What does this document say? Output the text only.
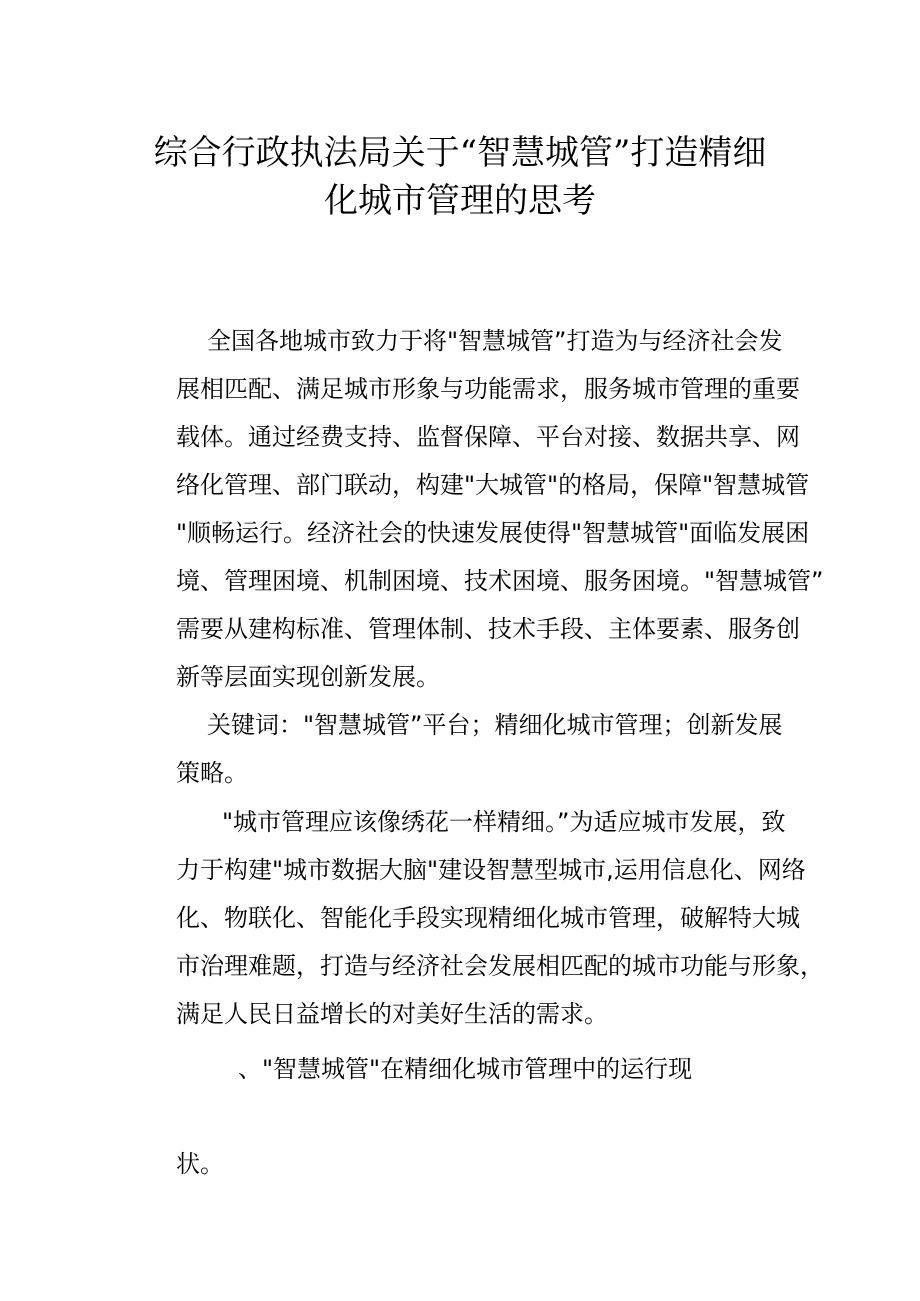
综合行政执法局关于“智慧城管”打造精细
化城市管理的思考

全国各地城市致力于将"智慧城管”打造为与经济社会发

展相匹配、满足城市形象与功能需求，服务城市管理的重要

载体。通过经费支持、监督保障、平台对接、数据共享、网

络化管理、部门联动，构建"大城管"的格局，保障"智慧城管

"顺畅运行。经济社会的快速发展使得"智慧城管"面临发展困

境、管理困境、机制困境、技术困境、服务困境。"智慧城管”

需要从建构标准、管理体制、技术手段、主体要素、服务创

新等层面实现创新发展。

关键词："智慧城管”平台；精细化城市管理；创新发展

策略。

"城市管理应该像绣花一样精细。”为适应城市发展，致

力于构建"城市数据大脑"建设智慧型城市,运用信息化、网络

化、物联化、智能化手段实现精细化城市管理，破解特大城

市治理难题，打造与经济社会发展相匹配的城市功能与形象，

满足人民日益增长的对美好生活的需求。

、"智慧城管"在精细化城市管理中的运行现

状。
